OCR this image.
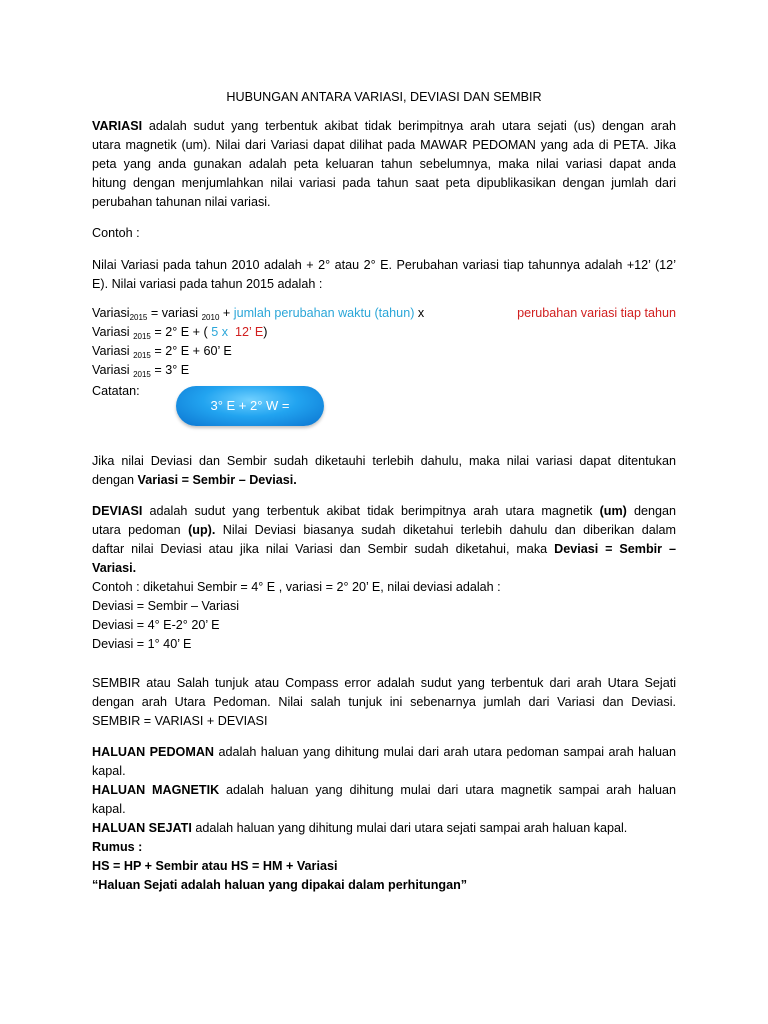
HUBUNGAN ANTARA VARIASI, DEVIASI DAN SEMBIR
VARIASI adalah sudut yang terbentuk akibat tidak berimpitnya arah utara sejati (us) dengan arah
utara magnetik (um). Nilai dari Variasi dapat dilihat pada MAWAR PEDOMAN yang ada di PETA. Jika
peta yang anda gunakan adalah peta keluaran tahun sebelumnya, maka nilai variasi dapat anda
hitung dengan menjumlahkan nilai variasi pada tahun saat peta dipublikasikan dengan jumlah dari
perubahan tahunan nilai variasi.
Contoh :
Nilai Variasi pada tahun 2010 adalah + 2° atau 2° E. Perubahan variasi tiap tahunnya adalah +12’ (12’
E). Nilai variasi pada tahun 2015 adalah :
Variasi$_{2015}$ = variasi $_{2010}$ + jumlah perubahan waktu (tahun) x	perubahan variasi tiap tahun
Variasi $_{2015}$ = 2° E + ( 5 x  12’ E)
Variasi $_{2015}$ = 2° E + 60’ E
Variasi $_{2015}$ = 3° E
Catatan:
3° E + 2° W =
Jika nilai Deviasi dan Sembir sudah diketauhi terlebih dahulu, maka nilai variasi dapat ditentukan
dengan Variasi = Sembir – Deviasi.
DEVIASI adalah sudut yang terbentuk akibat tidak berimpitnya arah utara magnetik (um) dengan
utara pedoman (up). Nilai Deviasi biasanya sudah diketahui terlebih dahulu dan diberikan dalam
daftar nilai Deviasi atau jika nilai Variasi dan Sembir sudah diketahui, maka Deviasi = Sembir –
Variasi.
Contoh : diketahui Sembir = 4° E , variasi = 2° 20’ E, nilai deviasi adalah :
Deviasi = Sembir – Variasi
Deviasi = 4° E-2° 20’ E
Deviasi = 1° 40’ E
SEMBIR atau Salah tunjuk atau Compass error adalah sudut yang terbentuk dari arah Utara Sejati
dengan arah Utara Pedoman. Nilai salah tunjuk ini sebenarnya jumlah dari Variasi dan Deviasi.
SEMBIR = VARIASI + DEVIASI
HALUAN PEDOMAN adalah haluan yang dihitung mulai dari arah utara pedoman sampai arah haluan
kapal.
HALUAN MAGNETIK adalah haluan yang dihitung mulai dari utara magnetik sampai arah haluan
kapal.
HALUAN SEJATI adalah haluan yang dihitung mulai dari utara sejati sampai arah haluan kapal.
Rumus :
HS = HP + Sembir atau HS = HM + Variasi
“Haluan Sejati adalah haluan yang dipakai dalam perhitungan”
